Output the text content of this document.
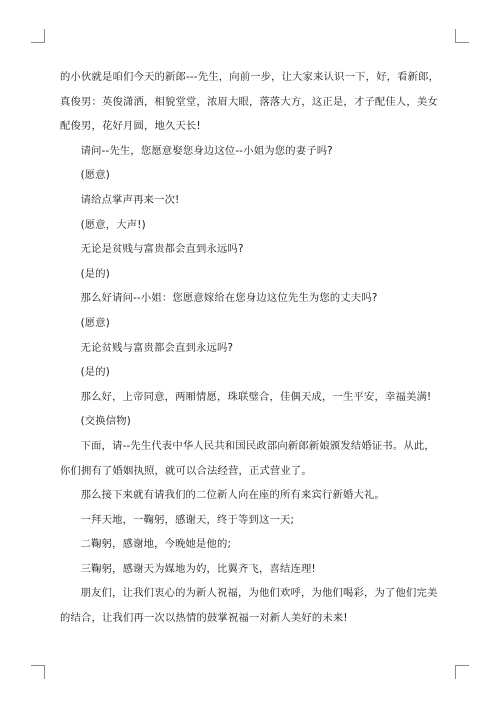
的小伙就是咱们今天的新郎---先生，向前一步，让大家来认识一下，好，看新郎，真俊男：英俊潇洒，相貌堂堂，浓眉大眼，落落大方，这正是，才子配佳人，美女配俊男，花好月圆，地久天长!

请问--先生，您愿意娶您身边这位--小姐为您的妻子吗?

(愿意)

请给点掌声再来一次!

(愿意，大声!)

无论是贫贱与富贵都会直到永远吗?

(是的)

那么好请问--小姐：您愿意嫁给在您身边这位先生为您的丈夫吗?

(愿意)

无论贫贱与富贵都会直到永远吗?

(是的)

那么好，上帝同意，两厢情愿，珠联璧合，佳偶天成，一生平安，幸福美满!

(交换信物)

下面，请--先生代表中华人民共和国民政部向新郎新娘颁发结婚证书。从此，你们拥有了婚姻执照，就可以合法经营，正式营业了。

那么接下来就有请我们的二位新人向在座的所有来宾行新婚大礼。

一拜天地，一鞠躬，感谢天，终于等到这一天;

二鞠躬，感谢地，今晚她是他的;

三鞠躬，感谢天为媒地为妁，比翼齐飞，喜结连理!

朋友们，让我们衷心的为新人祝福，为他们欢呼，为他们喝彩，为了他们完美的结合，让我们再一次以热情的鼓掌祝福一对新人美好的未来!
